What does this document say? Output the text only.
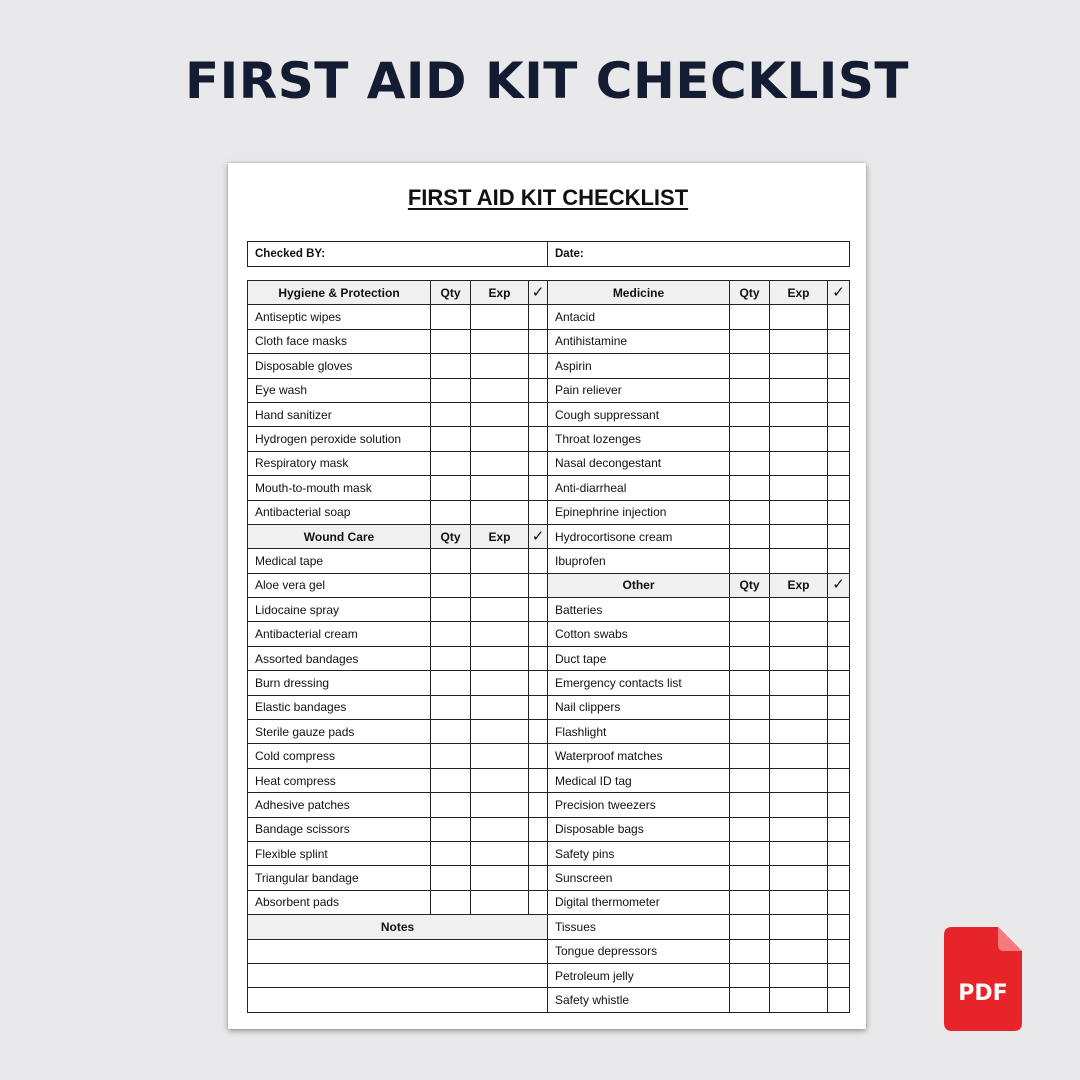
FIRST AID KIT CHECKLIST
FIRST AID KIT CHECKLIST
Checked BY:	Date:
Hygiene & Protection	Qty	Exp	✓	Medicine	Qty	Exp	✓
Antiseptic wipes				Antacid			
Cloth face masks				Antihistamine			
Disposable gloves				Aspirin			
Eye wash				Pain reliever			
Hand sanitizer				Cough suppressant			
Hydrogen peroxide solution				Throat lozenges			
Respiratory mask				Nasal decongestant			
Mouth-to-mouth mask				Anti-diarrheal			
Antibacterial soap				Epinephrine injection			
Wound Care	Qty	Exp	✓	Hydrocortisone cream			
Medical tape				Ibuprofen			
Aloe vera gel				Other	Qty	Exp	✓
Lidocaine spray				Batteries			
Antibacterial cream				Cotton swabs			
Assorted bandages				Duct tape			
Burn dressing				Emergency contacts list			
Elastic bandages				Nail clippers			
Sterile gauze pads				Flashlight			
Cold compress				Waterproof matches			
Heat compress				Medical ID tag			
Adhesive patches				Precision tweezers			
Bandage scissors				Disposable bags			
Flexible splint				Safety pins			
Triangular bandage				Sunscreen			
Absorbent pads				Digital thermometer			
Notes				Tissues			
				Tongue depressors			
				Petroleum jelly			
				Safety whistle				PDF
